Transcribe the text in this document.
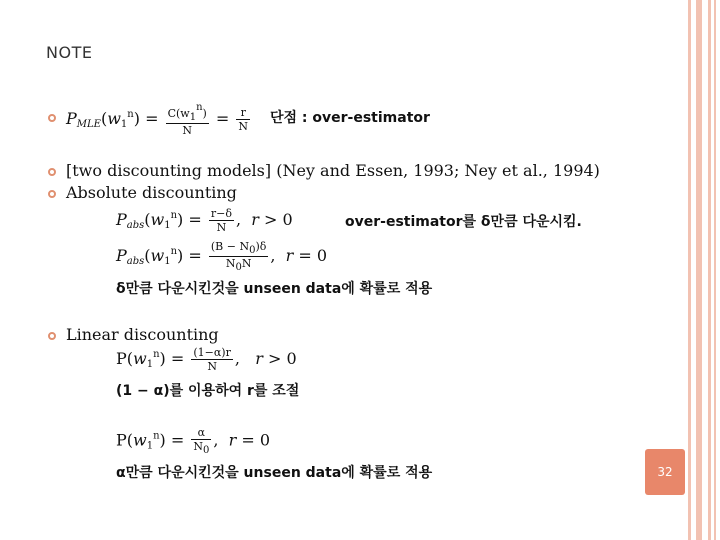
NOTE
$P_{MLE}(w_1^n) = \frac{C(w1n)}{N} = \frac{r}{N}$ 단점 : over-estimator
[two discounting models] (Ney and Essen, 1993; Ney et al., 1994)
Absolute discounting
$P_{abs}(w_1^n) = \frac{r-\delta}{N}$ ,  r > 0	over-estimator를 δ만큼 다운시킴.
$P_{abs}(w_1^n) = \frac{(B - N0)\delta}{N0N}$ ,  r = 0
δ만큼 다운시킨것을 unseen data에 확률로 적용
Linear discounting
$P(w_1^n) = \frac{(1-\alpha)r}{N}$ ,   r > 0
(1 − α)를 이용하여 r를 조절
$P(w_1^n) = \frac{\alpha}{N0}$ ,  r = 0
α만큼 다운시킨것을 unseen data에 확률로 적용	32
